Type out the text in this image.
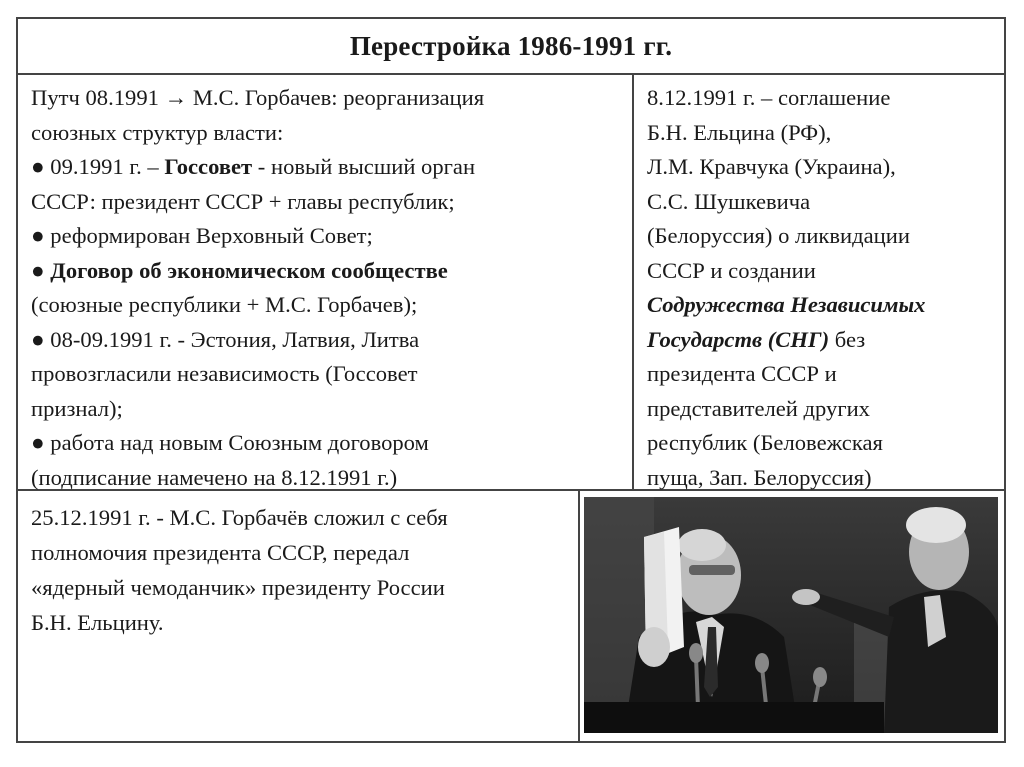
Перестройка 1986-1991 гг.
Путч 08.1991 → М.С. Горбачев: реорганизация
союзных структур власти:
● 09.1991 г. – Госсовет - новый высший орган
СССР: президент СССР + главы республик;
● реформирован Верховный Совет;
● Договор об экономическом сообществе
(союзные республики + М.С. Горбачев);
● 08-09.1991 г. - Эстония, Латвия, Литва
провозгласили независимость (Госсовет
признал);
● работа над новым Союзным договором
(подписание намечено на 8.12.1991 г.)
8.12.1991 г. – соглашение
Б.Н. Ельцина (РФ),
Л.М. Кравчука (Украина),
С.С. Шушкевича
(Белоруссия) о ликвидации
СССР и создании
Содружества Независимых
Государств (СНГ) без
президента СССР и
представителей других
республик (Беловежская
пуща, Зап. Белоруссия)
25.12.1991 г. - М.С. Горбачёв сложил с себя
полномочия президента СССР, передал
«ядерный чемоданчик» президенту России
Б.Н. Ельцину.
